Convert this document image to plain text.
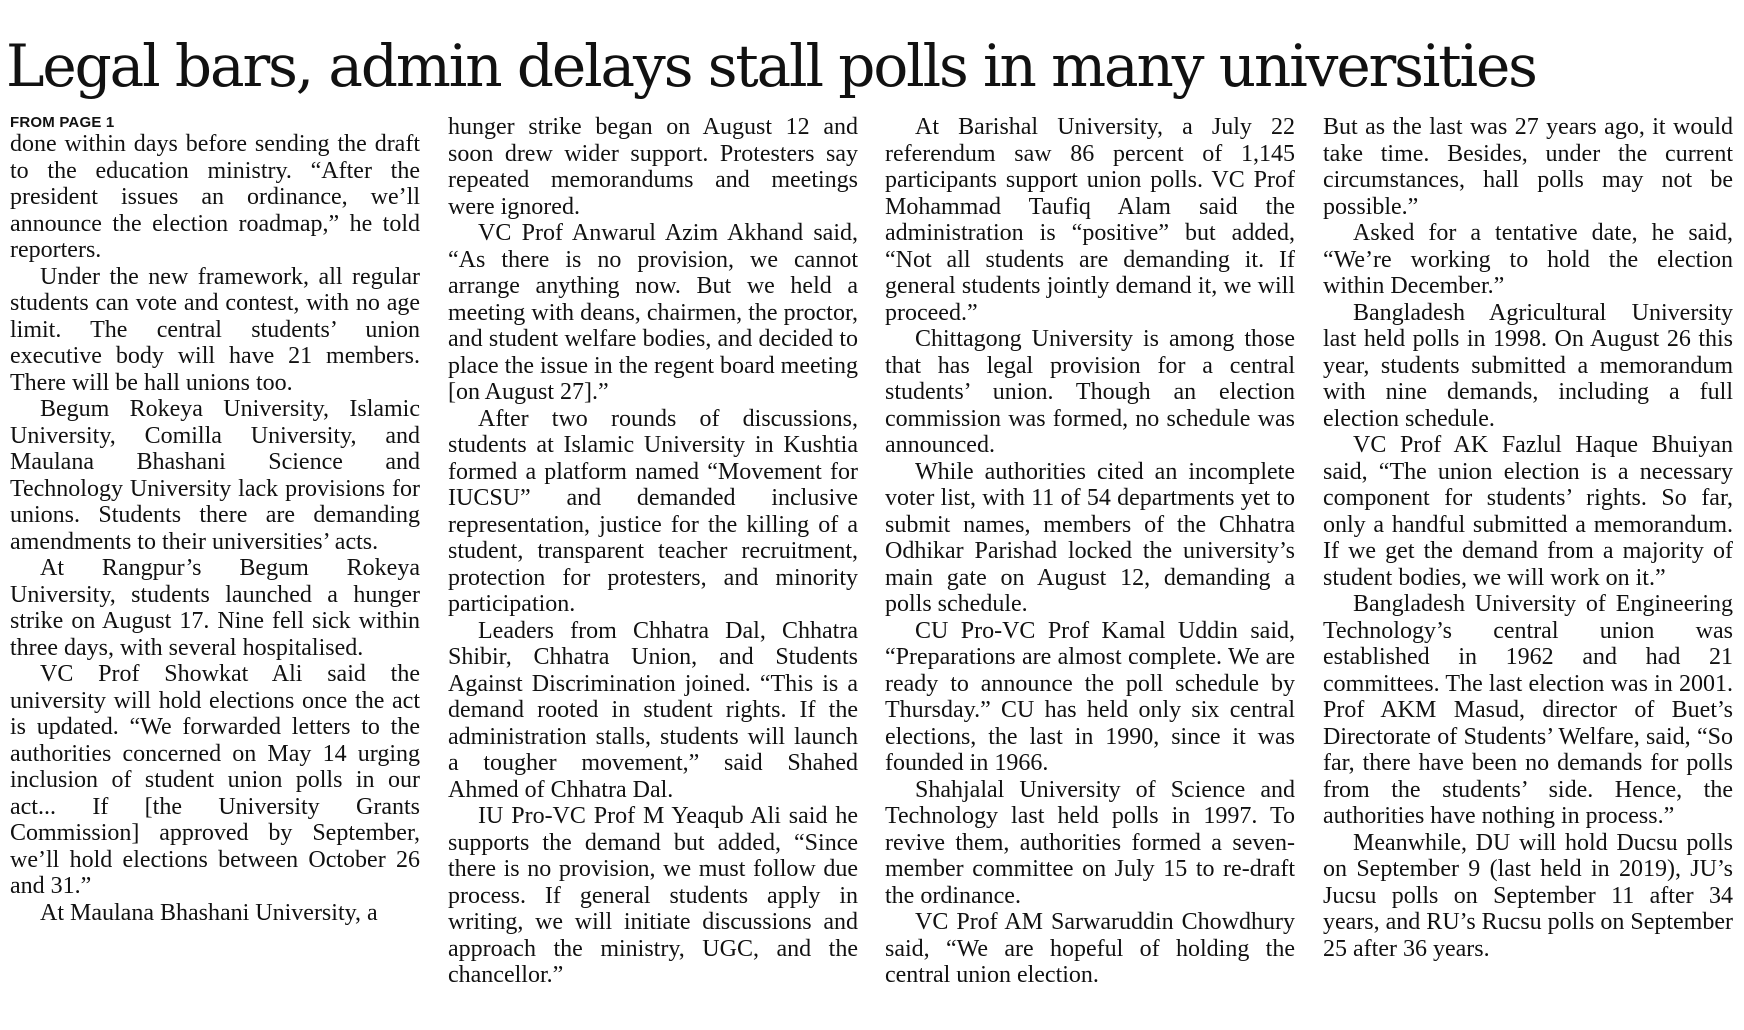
Legal bars, admin delays stall polls in many universities
FROM PAGE 1

done within days before sending the draft to the education ministry. “After the president issues an ordinance, we’ll announce the election roadmap,” he told reporters.

Under the new framework, all regular students can vote and contest, with no age limit. The central students’ union executive body will have 21 members. There will be hall unions too.

Begum Rokeya University, Islamic University, Comilla University, and Maulana Bhashani Science and Technology University lack provisions for unions. Students there are demanding amendments to their universities’ acts.

At Rangpur’s Begum Rokeya University, students launched a hunger strike on August 17. Nine fell sick within three days, with several hospitalised.

VC Prof Showkat Ali said the university will hold elections once the act is updated. “We forwarded letters to the authorities concerned on May 14 urging inclusion of student union polls in our act... If [the University Grants Commission] approved by September, we’ll hold elections between October 26 and 31.”

At Maulana Bhashani University, a

hunger strike began on August 12 and soon drew wider support. Protesters say repeated memorandums and meetings were ignored.

VC Prof Anwarul Azim Akhand said, “As there is no provision, we cannot arrange anything now. But we held a meeting with deans, chairmen, the proctor, and student welfare bodies, and decided to place the issue in the regent board meeting [on August 27].”

After two rounds of discussions, students at Islamic University in Kushtia formed a platform named “Movement for IUCSU” and demanded inclusive representation, justice for the killing of a student, transparent teacher recruitment, protection for protesters, and minority participation.

Leaders from Chhatra Dal, Chhatra Shibir, Chhatra Union, and Students Against Discrimination joined. “This is a demand rooted in student rights. If the administration stalls, students will launch a tougher movement,” said Shahed Ahmed of Chhatra Dal.

IU Pro-VC Prof M Yeaqub Ali said he supports the demand but added, “Since there is no provision, we must follow due process. If general students apply in writing, we will initiate discussions and approach the ministry, UGC, and the chancellor.”

At Barishal University, a July 22 referendum saw 86 percent of 1,145 participants support union polls. VC Prof Mohammad Taufiq Alam said the administration is “positive” but added, “Not all students are demanding it. If general students jointly demand it, we will proceed.”

Chittagong University is among those that has legal provision for a central students’ union. Though an election commission was formed, no schedule was announced.

While authorities cited an incomplete voter list, with 11 of 54 departments yet to submit names, members of the Chhatra Odhikar Parishad locked the university’s main gate on August 12, demanding a polls schedule.

CU Pro-VC Prof Kamal Uddin said, “Preparations are almost complete. We are ready to announce the poll schedule by Thursday.” CU has held only six central elections, the last in 1990, since it was founded in 1966.

Shahjalal University of Science and Technology last held polls in 1997. To revive them, authorities formed a seven-member committee on July 15 to re-draft the ordinance.

VC Prof AM Sarwaruddin Chowdhury said, “We are hopeful of holding the central union election.

But as the last was 27 years ago, it would take time. Besides, under the current circumstances, hall polls may not be possible.”

Asked for a tentative date, he said, “We’re working to hold the election within December.”

Bangladesh Agricultural University last held polls in 1998. On August 26 this year, students submitted a memorandum with nine demands, including a full election schedule.

VC Prof AK Fazlul Haque Bhuiyan said, “The union election is a necessary component for students’ rights. So far, only a handful submitted a memorandum. If we get the demand from a majority of student bodies, we will work on it.”

Bangladesh University of Engineering Technology’s central union was established in 1962 and had 21 committees. The last election was in 2001. Prof AKM Masud, director of Buet’s Directorate of Students’ Welfare, said, “So far, there have been no demands for polls from the students’ side. Hence, the authorities have nothing in process.”

Meanwhile, DU will hold Ducsu polls on September 9 (last held in 2019), JU’s Jucsu polls on September 11 after 34 years, and RU’s Rucsu polls on September 25 after 36 years.
